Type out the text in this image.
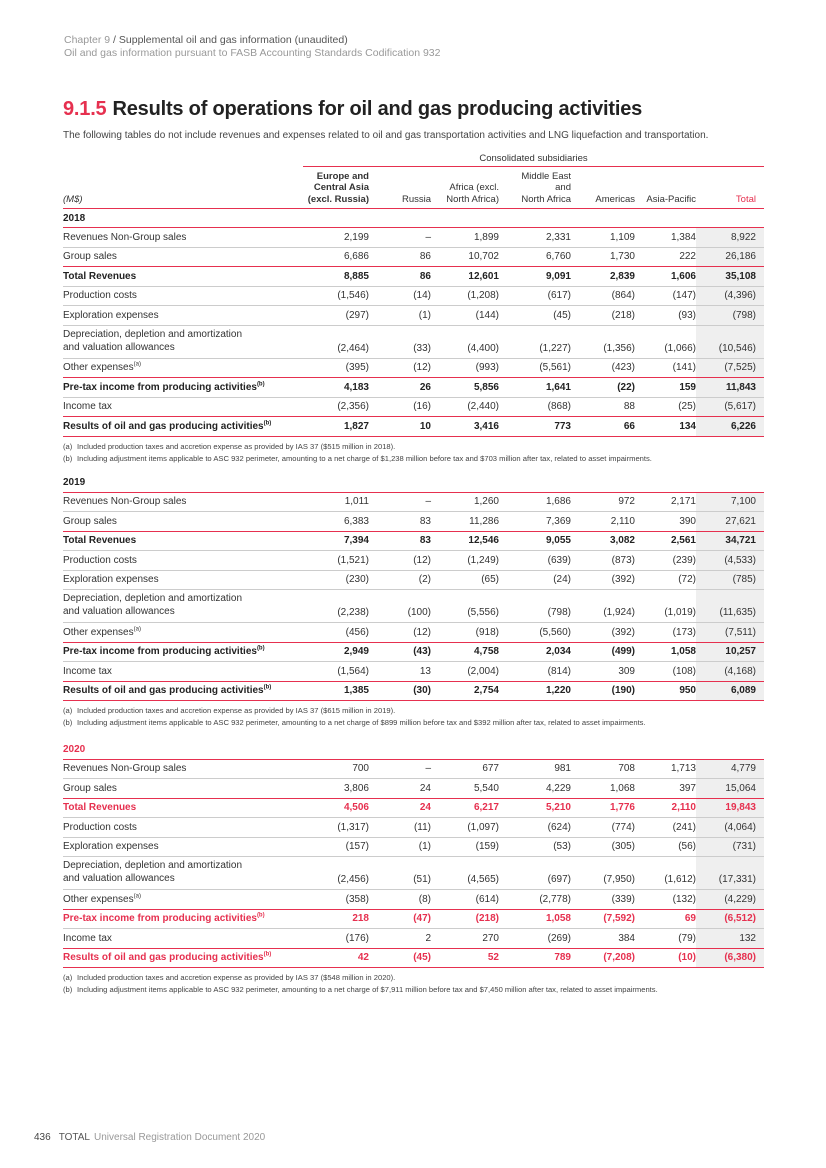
Chapter 9 / Supplemental oil and gas information (unaudited)
Oil and gas information pursuant to FASB Accounting Standards Codification 932
9.1.5 Results of operations for oil and gas producing activities
The following tables do not include revenues and expenses related to oil and gas transportation activities and LNG liquefaction and transportation.
	Consolidated subsidiaries						
(M$)	Europe and
Central Asia
(excl. Russia)	Russia	Africa (excl.
North Africa)	Middle East
and
North Africa	Americas	Asia-Pacific	Total
2018							
Revenues Non-Group sales	2,199	–	1,899	2,331	1,109	1,384	8,922
Group sales	6,686	86	10,702	6,760	1,730	222	26,186
Total Revenues	8,885	86	12,601	9,091	2,839	1,606	35,108
Production costs	(1,546)	(14)	(1,208)	(617)	(864)	(147)	(4,396)
Exploration expenses	(297)	(1)	(144)	(45)	(218)	(93)	(798)
Depreciation, depletion and amortization
and valuation allowances	(2,464)	(33)	(4,400)	(1,227)	(1,356)	(1,066)	(10,546)
Other expenses$^{(a)}$	(395)	(12)	(993)	(5,561)	(423)	(141)	(7,525)
Pre-tax income from producing activities$^{(b)}$	4,183	26	5,856	1,641	(22)	159	11,843
Income tax	(2,356)	(16)	(2,440)	(868)	88	(25)	(5,617)
Results of oil and gas producing activities$^{(b)}$	1,827	10	3,416	773	66	134	6,226
(a) Included production taxes and accretion expense as provided by IAS 37 ($515 million in 2018).
(b) Including adjustment items applicable to ASC 932 perimeter, amounting to a net charge of $1,238 million before tax and $703 million after tax, related to asset impairments.
2019							
Revenues Non-Group sales	1,011	–	1,260	1,686	972	2,171	7,100
Group sales	6,383	83	11,286	7,369	2,110	390	27,621
Total Revenues	7,394	83	12,546	9,055	3,082	2,561	34,721
Production costs	(1,521)	(12)	(1,249)	(639)	(873)	(239)	(4,533)
Exploration expenses	(230)	(2)	(65)	(24)	(392)	(72)	(785)
Depreciation, depletion and amortization
and valuation allowances	(2,238)	(100)	(5,556)	(798)	(1,924)	(1,019)	(11,635)
Other expenses$^{(a)}$	(456)	(12)	(918)	(5,560)	(392)	(173)	(7,511)
Pre-tax income from producing activities$^{(b)}$	2,949	(43)	4,758	2,034	(499)	1,058	10,257
Income tax	(1,564)	13	(2,004)	(814)	309	(108)	(4,168)
Results of oil and gas producing activities$^{(b)}$	1,385	(30)	2,754	1,220	(190)	950	6,089
(a) Included production taxes and accretion expense as provided by IAS 37 ($615 million in 2019).
(b) Including adjustment items applicable to ASC 932 perimeter, amounting to a net charge of $899 million before tax and $392 million after tax, related to asset impairments.
2020							
Revenues Non-Group sales	700	–	677	981	708	1,713	4,779
Group sales	3,806	24	5,540	4,229	1,068	397	15,064
Total Revenues	4,506	24	6,217	5,210	1,776	2,110	19,843
Production costs	(1,317)	(11)	(1,097)	(624)	(774)	(241)	(4,064)
Exploration expenses	(157)	(1)	(159)	(53)	(305)	(56)	(731)
Depreciation, depletion and amortization
and valuation allowances	(2,456)	(51)	(4,565)	(697)	(7,950)	(1,612)	(17,331)
Other expenses$^{(a)}$	(358)	(8)	(614)	(2,778)	(339)	(132)	(4,229)
Pre-tax income from producing activities$^{(b)}$	218	(47)	(218)	1,058	(7,592)	69	(6,512)
Income tax	(176)	2	270	(269)	384	(79)	132
Results of oil and gas producing activities$^{(b)}$	42	(45)	52	789	(7,208)	(10)	(6,380)
(a) Included production taxes and accretion expense as provided by IAS 37 ($548 million in 2020).
(b) Including adjustment items applicable to ASC 932 perimeter, amounting to a net charge of $7,911 million before tax and $7,450 million after tax, related to asset impairments.
436 TOTAL Universal Registration Document 2020
